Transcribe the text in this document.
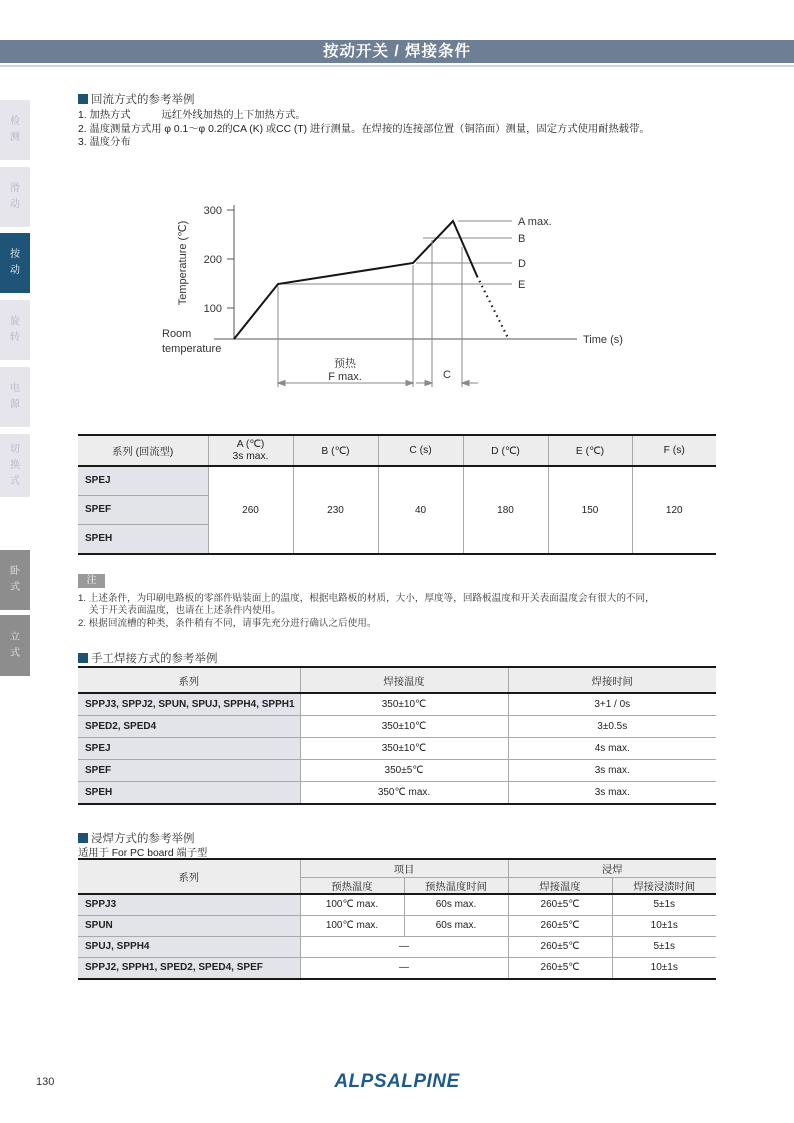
按动开关 / 焊接条件
检测
滑动
按动
旋转
电源
切换式
卧式
立式
回流方式的参考举例
1. 加热方式　　　远红外线加热的上下加热方式。
2. 温度测量方式用 φ 0.1～φ 0.2的CA (K) 或CC (T) 进行测量。在焊接的连接部位置（铜箔面）测量，固定方式使用耐热载带。
3. 温度分布
300
200
100
Temperature (℃)
Time (s)
Room
temperature
A max.
B
D
E
预热
F max.	C
系列 (回流型)	A (℃)
3s max.	B (℃)	C (s)	D (℃)	E (℃)	F (s)
SPEJ	260	230	40	180	150	120
SPEF						
SPEH						
注
1. 上述条件，为印刷电路板的零部件贴装面上的温度，根据电路板的材质，大小，厚度等，回路板温度和开关表面温度会有很大的不同，
关于开关表面温度，也请在上述条件内使用。
2. 根据回流槽的种类，条件稍有不同，请事先充分进行确认之后使用。
手工焊接方式的参考举例
系列	焊接温度	焊接时间
SPPJ3, SPPJ2, SPUN, SPUJ, SPPH4, SPPH1	350±10℃	3+1 / 0s
SPED2, SPED4	350±10℃	3±0.5s
SPEJ	350±10℃	4s max.
SPEF	350±5℃	3s max.
SPEH	350℃ max.	3s max.
浸焊方式的参考举例
适用于 For PC board 端子型
系列	项目		浸焊	
	预热温度	预热温度时间	焊接温度	焊接浸渍时间
SPPJ3	100℃ max.	60s max.	260±5℃	5±1s
SPUN	100℃ max.	60s max.	260±5℃	10±1s
SPUJ, SPPH4	—		260±5℃	5±1s
SPPJ2, SPPH1, SPED2, SPED4, SPEF	—		260±5℃	10±1s
130	ALPSALPINE
